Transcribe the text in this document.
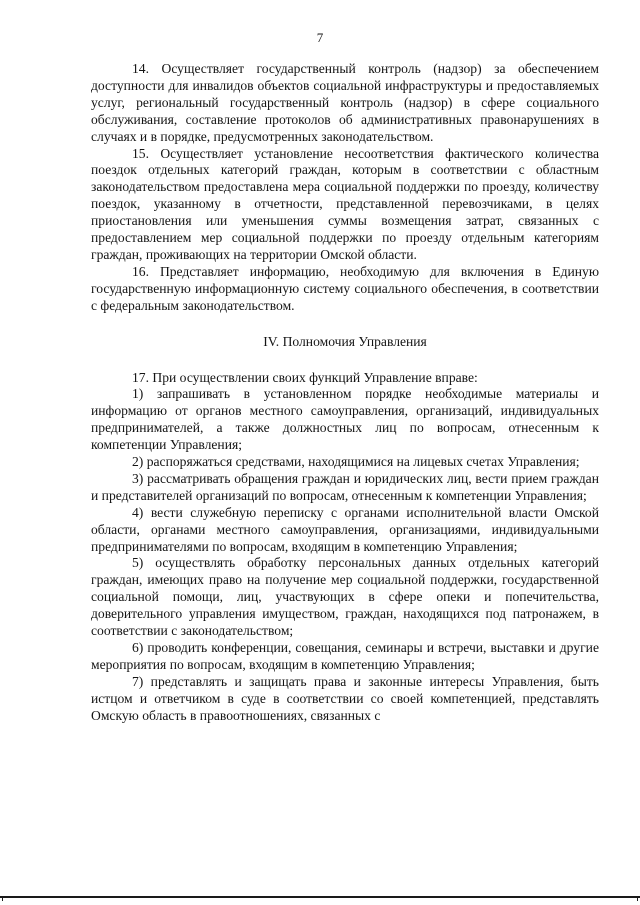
7

14. Осуществляет государственный контроль (надзор) за обеспечением доступности для инвалидов объектов социальной инфраструктуры и предоставляемых услуг, региональный государственный контроль (надзор) в сфере социального обслуживания, составление протоколов об административных правонарушениях в случаях и в порядке, предусмотренных законодательством.

15. Осуществляет установление несоответствия фактического количества поездок отдельных категорий граждан, которым в соответствии с областным законодательством предоставлена мера социальной поддержки по проезду, количеству поездок, указанному в отчетности, представленной перевозчиками, в целях приостановления или уменьшения суммы возмещения затрат, связанных с предоставлением мер социальной поддержки по проезду отдельным категориям граждан, проживающих на территории Омской области.

16. Представляет информацию, необходимую для включения в Единую государственную информационную систему социального обеспечения, в соответствии с федеральным законодательством.

IV. Полномочия Управления

17. При осуществлении своих функций Управление вправе:

1) запрашивать в установленном порядке необходимые материалы и информацию от органов местного самоуправления, организаций, индивидуальных предпринимателей, а также должностных лиц по вопросам, отнесенным к компетенции Управления;

2) распоряжаться средствами, находящимися на лицевых счетах Управления;

3) рассматривать обращения граждан и юридических лиц, вести прием граждан и представителей организаций по вопросам, отнесенным к компетенции Управления;

4) вести служебную переписку с органами исполнительной власти Омской области, органами местного самоуправления, организациями, индивидуальными предпринимателями по вопросам, входящим в компетенцию Управления;

5) осуществлять обработку персональных данных отдельных категорий граждан, имеющих право на получение мер социальной поддержки, государственной социальной помощи, лиц, участвующих в сфере опеки и попечительства, доверительного управления имуществом, граждан, находящихся под патронажем, в соответствии с законодательством;

6) проводить конференции, совещания, семинары и встречи, выставки и другие мероприятия по вопросам, входящим в компетенцию Управления;

7) представлять и защищать права и законные интересы Управления, быть истцом и ответчиком в суде в соответствии со своей компетенцией, представлять Омскую область в правоотношениях, связанных с
